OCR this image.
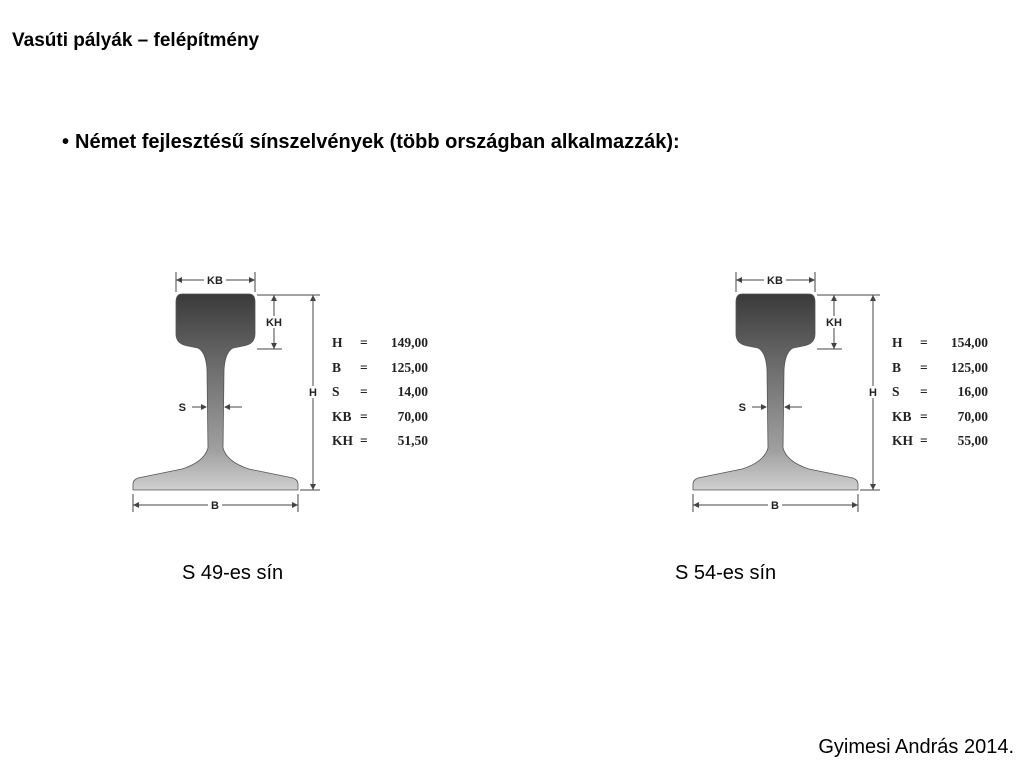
Vasúti pályák – felépítmény
• Német fejlesztésű sínszelvények (több országban alkalmazzák):
KB
KH
H
S
B
H	=	149,00
B	=	125,00
S	=	14,00
KB =	70,00
KH =	51,50
KB
KH
H
S
B
H	=	154,00
B	=	125,00
S	=	16,00
KB =	70,00
KH =	55,00
S 49-es sín	S 54-es sín
Gyimesi András 2014.
